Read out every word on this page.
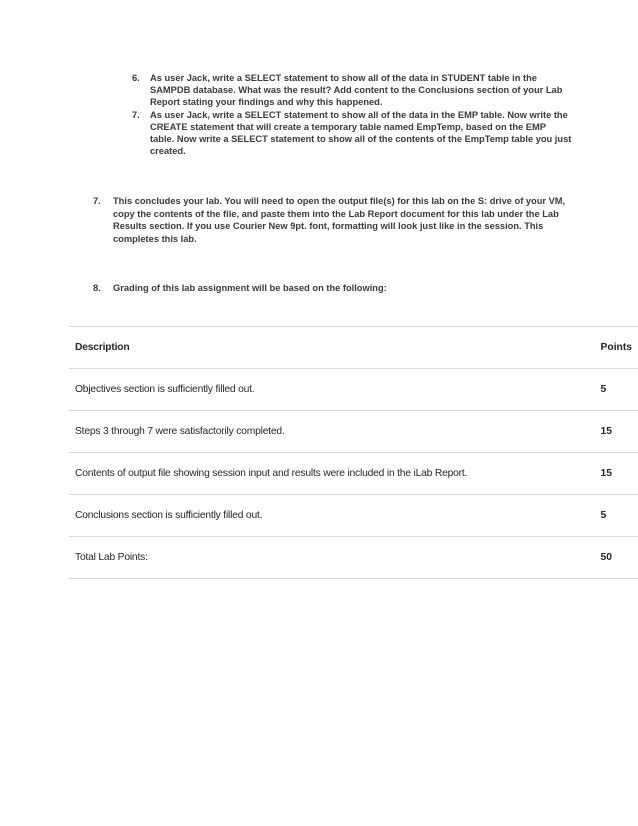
6. As user Jack, write a SELECT statement to show all of the data in STUDENT table in the SAMPDB database. What was the result? Add content to the Conclusions section of your Lab Report stating your findings and why this happened.
7. As user Jack, write a SELECT statement to show all of the data in the EMP table. Now write the CREATE statement that will create a temporary table named EmpTemp, based on the EMP table. Now write a SELECT statement to show all of the contents of the EmpTemp table you just created.
7.	This concludes your lab. You will need to open the output file(s) for this lab on the S: drive of your VM, copy the contents of the file, and paste them into the Lab Report document for this lab under the Lab Results section. If you use Courier New 9pt. font, formatting will look just like in the session. This completes this lab.
8.	Grading of this lab assignment will be based on the following:
Description	Points
Objectives section is sufficiently filled out.	5
Steps 3 through 7 were satisfactorily completed.	15
Contents of output file showing session input and results were included in the iLab Report.	15
Conclusions section is sufficiently filled out.	5
Total Lab Points:	50
